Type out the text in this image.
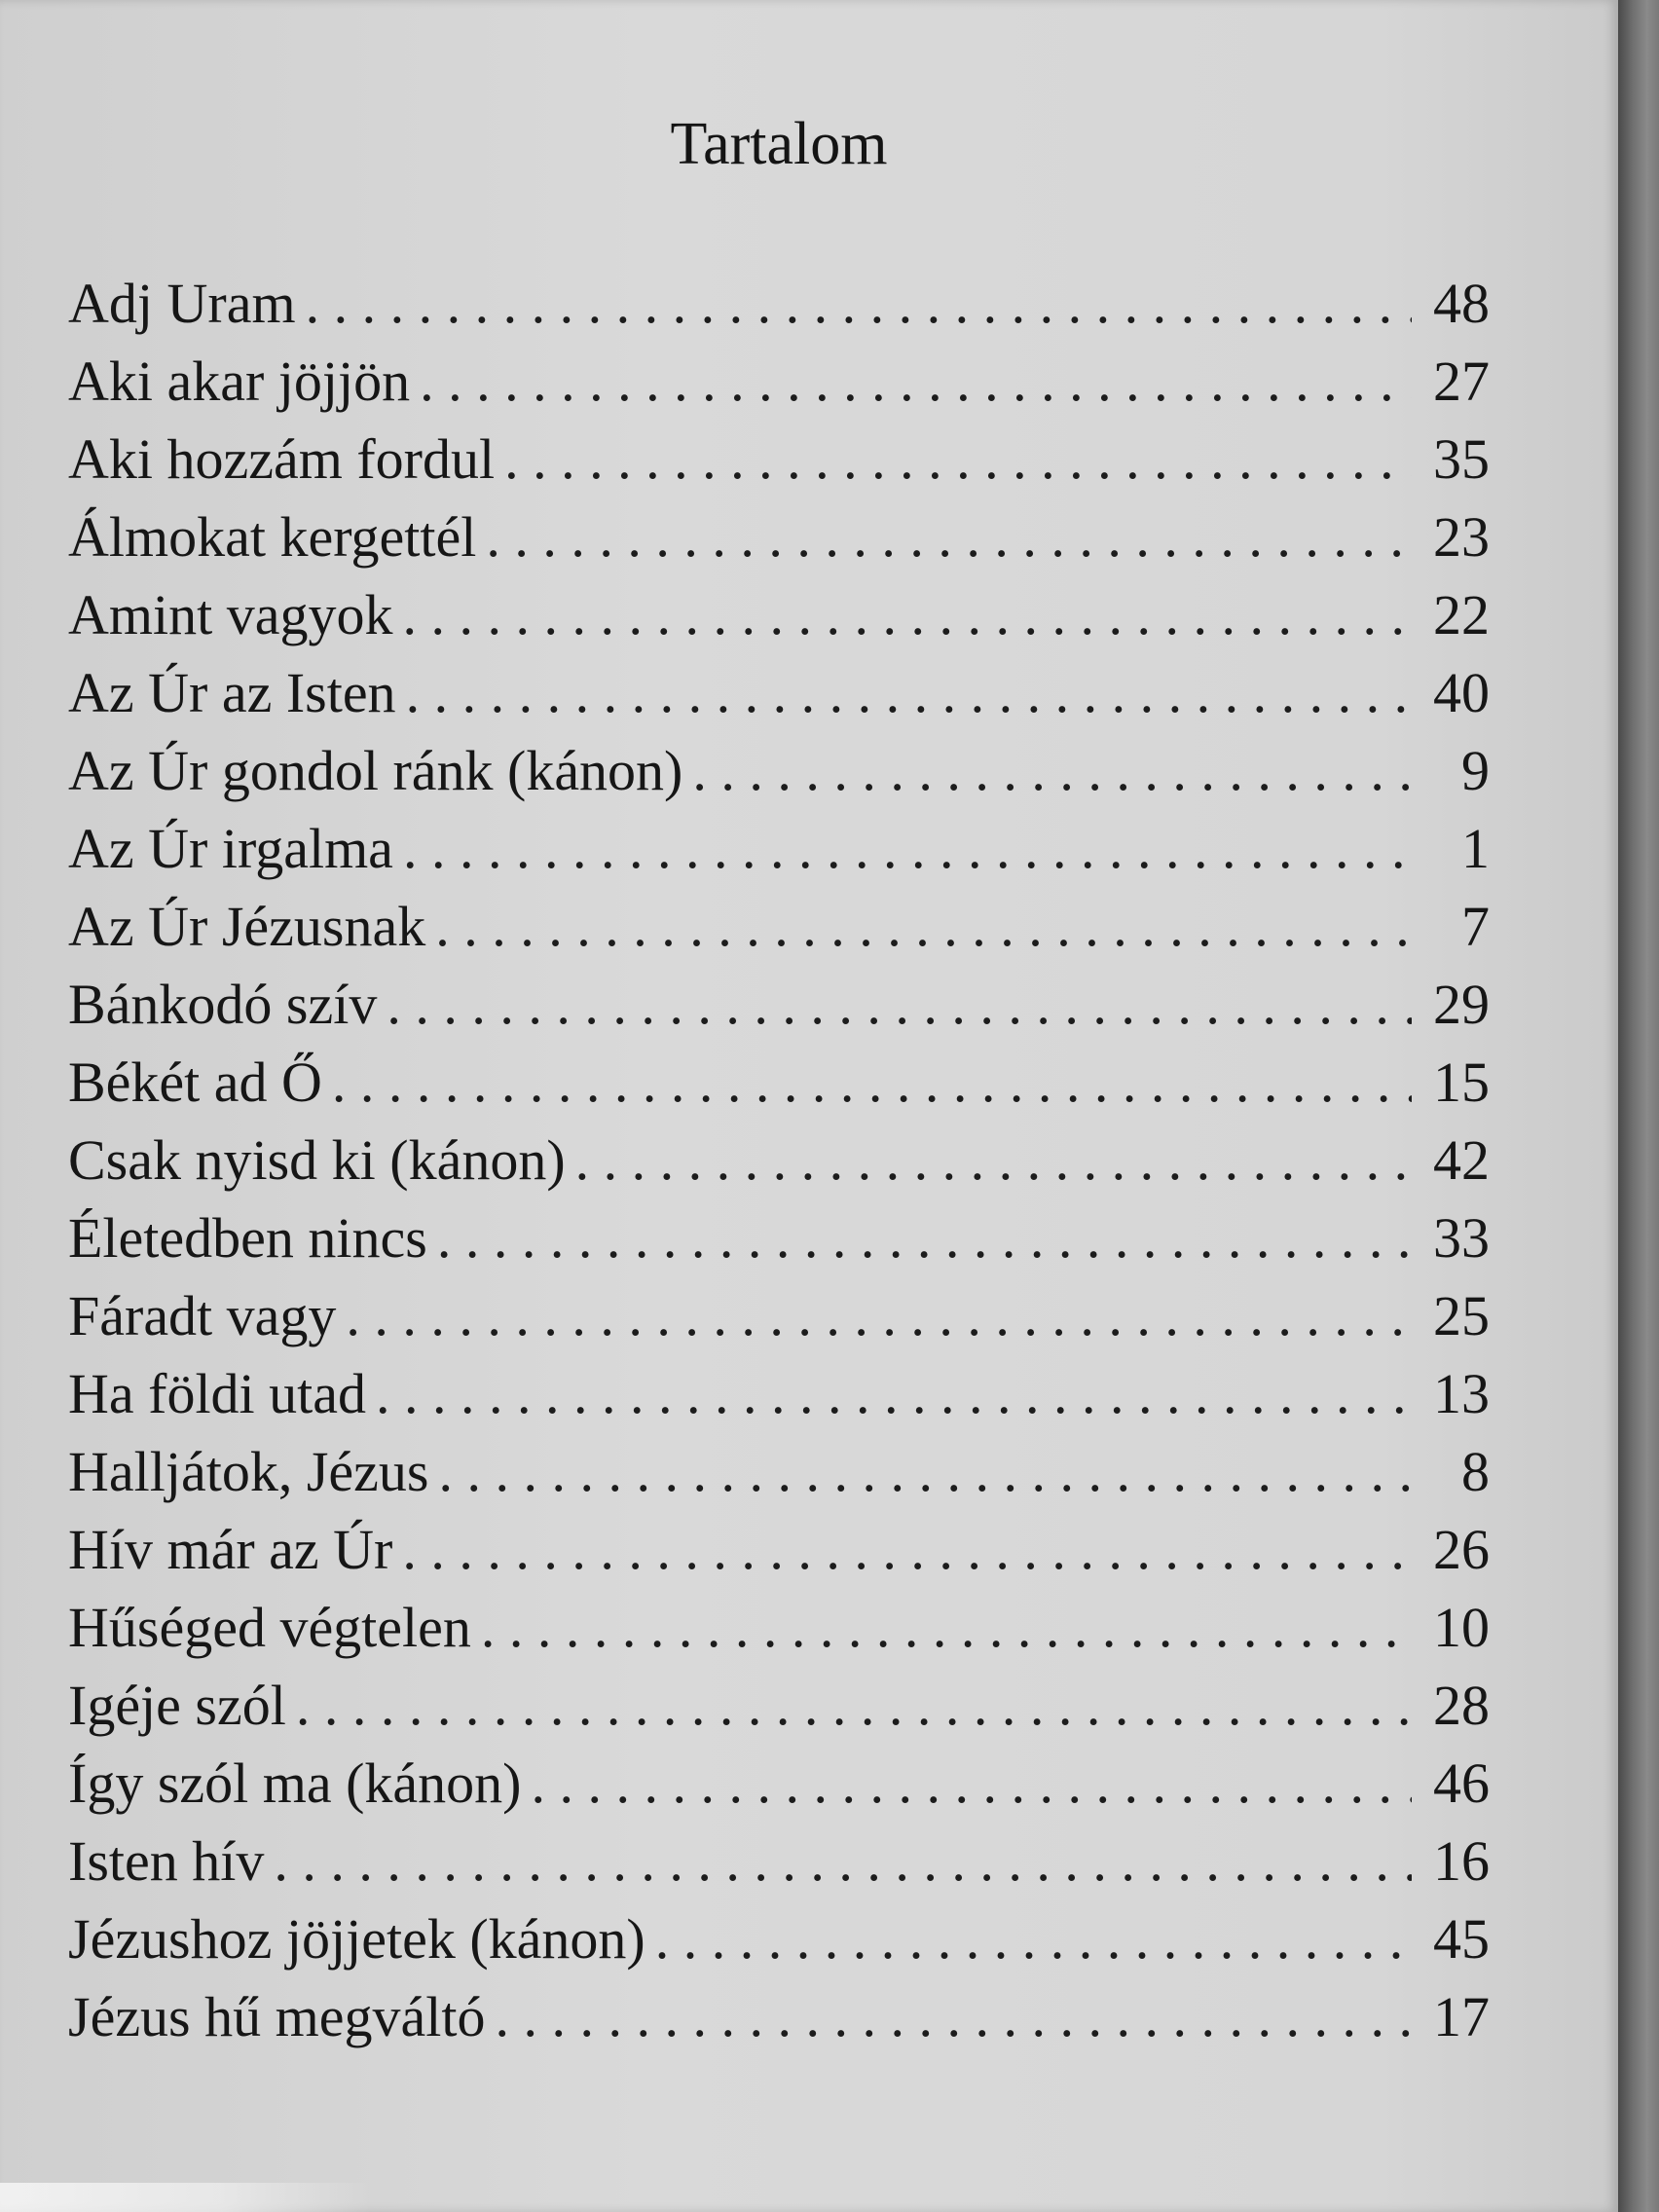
Tartalom
Adj Uram . . .	48
Aki akar jöjjön . . .	27
Aki hozzám fordul . . .	35
Álmokat kergettél . . .	23
Amint vagyok . . .	22
Az Úr az Isten . . .	40
Az Úr gondol ránk (kánon) . . .	9
Az Úr irgalma . . .	1
Az Úr Jézusnak . . .	7
Bánkodó szív . . .	29
Békét ad Ő . . .	15
Csak nyisd ki (kánon) . . .	42
Életedben nincs . . .	33
Fáradt vagy . . .	25
Ha földi utad . . .	13
Halljátok, Jézus . . .	8
Hív már az Úr . . .	26
Hűséged végtelen . . .	10
Igéje szól . . .	28
Így szól ma (kánon) . . .	46
Isten hív . . .	16
Jézushoz jöjjetek (kánon) . . .	45
Jézus hű megváltó . . .	17
